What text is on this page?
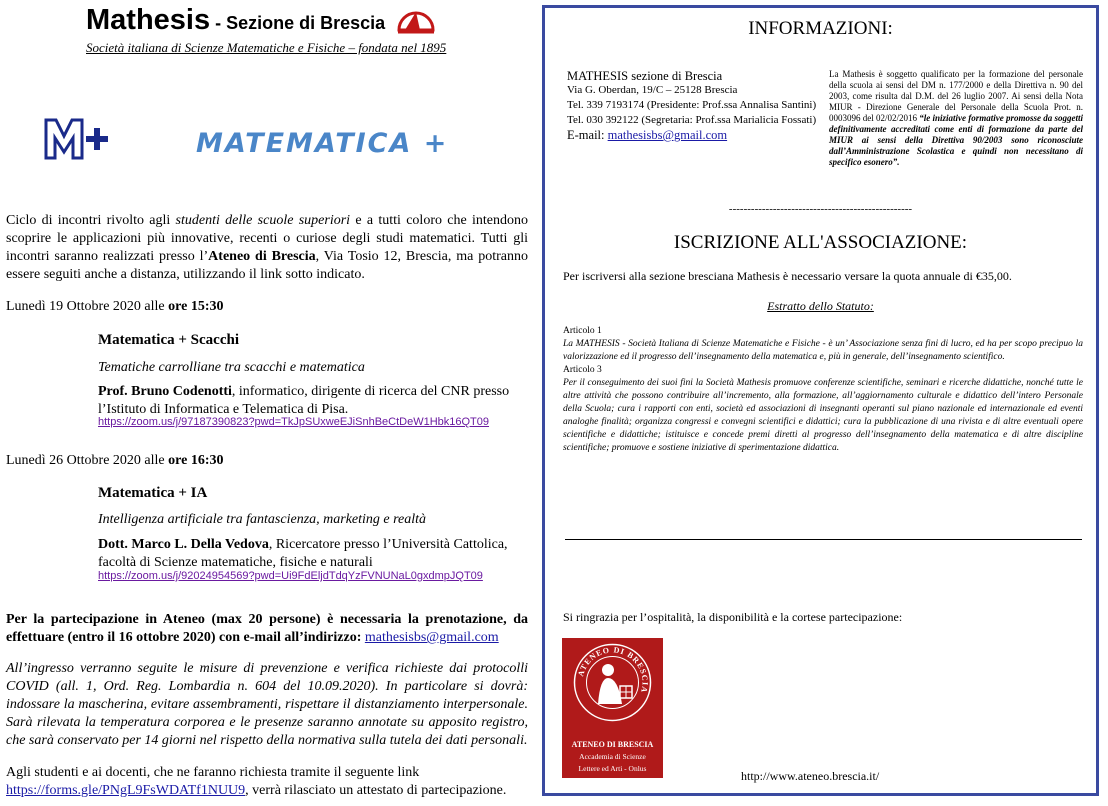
Mathesis - Sezione di Brescia
Società italiana di Scienze Matematiche e Fisiche – fondata nel 1895
MATEMATICA +
Ciclo di incontri rivolto agli studenti delle scuole superiori e a tutti coloro che intendono scoprire le applicazioni più innovative, recenti o curiose degli studi matematici. Tutti gli incontri saranno realizzati presso l’Ateneo di Brescia, Via Tosio 12, Brescia, ma potranno essere seguiti anche a distanza, utilizzando il link sotto indicato.
Lunedì 19 Ottobre 2020 alle ore 15:30
Matematica + Scacchi
Tematiche carrolliane tra scacchi e matematica
Prof. Bruno Codenotti, informatico, dirigente di ricerca del CNR presso l’Istituto di Informatica e Telematica di Pisa.
https://zoom.us/j/97187390823?pwd=TkJpSUxweEJiSnhBeCtDeW1Hbk16QT09
Lunedì 26 Ottobre 2020 alle ore 16:30
Matematica + IA
Intelligenza artificiale tra fantascienza, marketing e realtà
Dott. Marco L. Della Vedova, Ricercatore presso l’Università Cattolica, facoltà di Scienze matematiche, fisiche e naturali
https://zoom.us/j/92024954569?pwd=Ui9FdEljdTdqYzFVNUNaL0gxdmpJQT09
Per la partecipazione in Ateneo (max 20 persone) è necessaria la prenotazione, da effettuare (entro il 16 ottobre 2020) con e-mail all’indirizzo: mathesisbs@gmail.com
All’ingresso verranno seguite le misure di prevenzione e verifica richieste dai protocolli COVID (all. 1, Ord. Reg. Lombardia n. 604 del 10.09.2020). In particolare si dovrà: indossare la mascherina, evitare assembramenti, rispettare il distanziamento interpersonale. Sarà rilevata la temperatura corporea e le presenze saranno annotate su apposito registro, che sarà conservato per 14 giorni nel rispetto della normativa sulla tutela dei dati personali.
Agli studenti e ai docenti, che ne faranno richiesta tramite il seguente link https://forms.gle/PNgL9FsWDATf1NUU9, verrà rilasciato un attestato di partecipazione.
INFORMAZIONI:
MATHESIS sezione di Brescia
Via G. Oberdan, 19/C – 25128 Brescia
Tel. 339 7193174 (Presidente: Prof.ssa Annalisa Santini)
Tel. 030 392122 (Segretaria: Prof.ssa Marialicia Fossati)
E-mail: mathesisbs@gmail.com
La Mathesis è soggetto qualificato per la formazione del personale della scuola ai sensi del DM n. 177/2000 e della Direttiva n. 90 del 2003, come risulta dal D.M. del 26 luglio 2007. Ai sensi della Nota MIUR - Direzione Generale del Personale della Scuola Prot. n. 0003096 del 02/02/2016 “le iniziative formative promosse da soggetti definitivamente accreditati come enti di formazione da parte del MIUR ai sensi della Direttiva 90/2003 sono riconosciute dall’Amministrazione Scolastica e quindi non necessitano di specifico esonero”.
--------------------------------------------------
ISCRIZIONE ALL'ASSOCIAZIONE:
Per iscriversi alla sezione bresciana Mathesis è necessario versare la quota annuale di €35,00.
Estratto dello Statuto:
Articolo 1
La MATHESIS - Società Italiana di Scienze Matematiche e Fisiche - è un’ Associazione senza fini di lucro, ed ha per scopo precipuo la valorizzazione ed il progresso dell’insegnamento della matematica e, più in generale, dell’insegnamento scientifico.
Articolo 3
Per il conseguimento dei suoi fini la Società Mathesis promuove conferenze scientifiche, seminari e ricerche didattiche, nonché tutte le altre attività che possono contribuire all’incremento, alla formazione, all’aggiornamento culturale e didattico dell’intero Personale della Scuola; cura i rapporti con enti, società ed associazioni di insegnanti operanti sul piano nazionale ed internazionale ed eventi analoghe finalità; organizza congressi e convegni scientifici e didattici; cura la pubblicazione di una rivista e di altre eventuali opere scientifiche e didattiche; istituisce e concede premi diretti al progresso dell’insegnamento della matematica e di altre discipline scientifiche; promuove e sostiene iniziative di sperimentazione didattica.
Si ringrazia per l’ospitalità, la disponibilità e la cortese partecipazione:
ATENEO DI BRESCIA
ATENEO DI BRESCIA
Accademia di Scienze
Lettere ed Arti - Onlus
http://www.ateneo.brescia.it/
